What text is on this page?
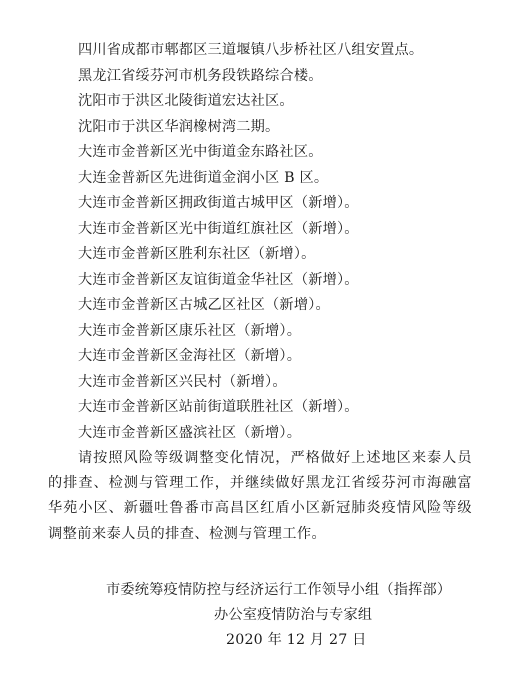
四川省成都市郫都区三道堰镇八步桥社区八组安置点。
黑龙江省绥芬河市机务段铁路综合楼。
沈阳市于洪区北陵街道宏达社区。
沈阳市于洪区华润橡树湾二期。
大连市金普新区光中街道金东路社区。
大连金普新区先进街道金润小区 B 区。
大连市金普新区拥政街道古城甲区（新增）。
大连市金普新区光中街道红旗社区（新增）。
大连市金普新区胜利东社区（新增）。
大连市金普新区友谊街道金华社区（新增）。
大连市金普新区古城乙区社区（新增）。
大连市金普新区康乐社区（新增）。
大连市金普新区金海社区（新增）。
大连市金普新区兴民村（新增）。
大连市金普新区站前街道联胜社区（新增）。
大连市金普新区盛滨社区（新增）。
请按照风险等级调整变化情况，严格做好上述地区来泰人员的排查、检测与管理工作，并继续做好黑龙江省绥芬河市海融富华苑小区、新疆吐鲁番市高昌区红盾小区新冠肺炎疫情风险等级调整前来泰人员的排查、检测与管理工作。
市委统筹疫情防控与经济运行工作领导小组（指挥部）
办公室疫情防治与专家组
2020 年 12 月 27 日
